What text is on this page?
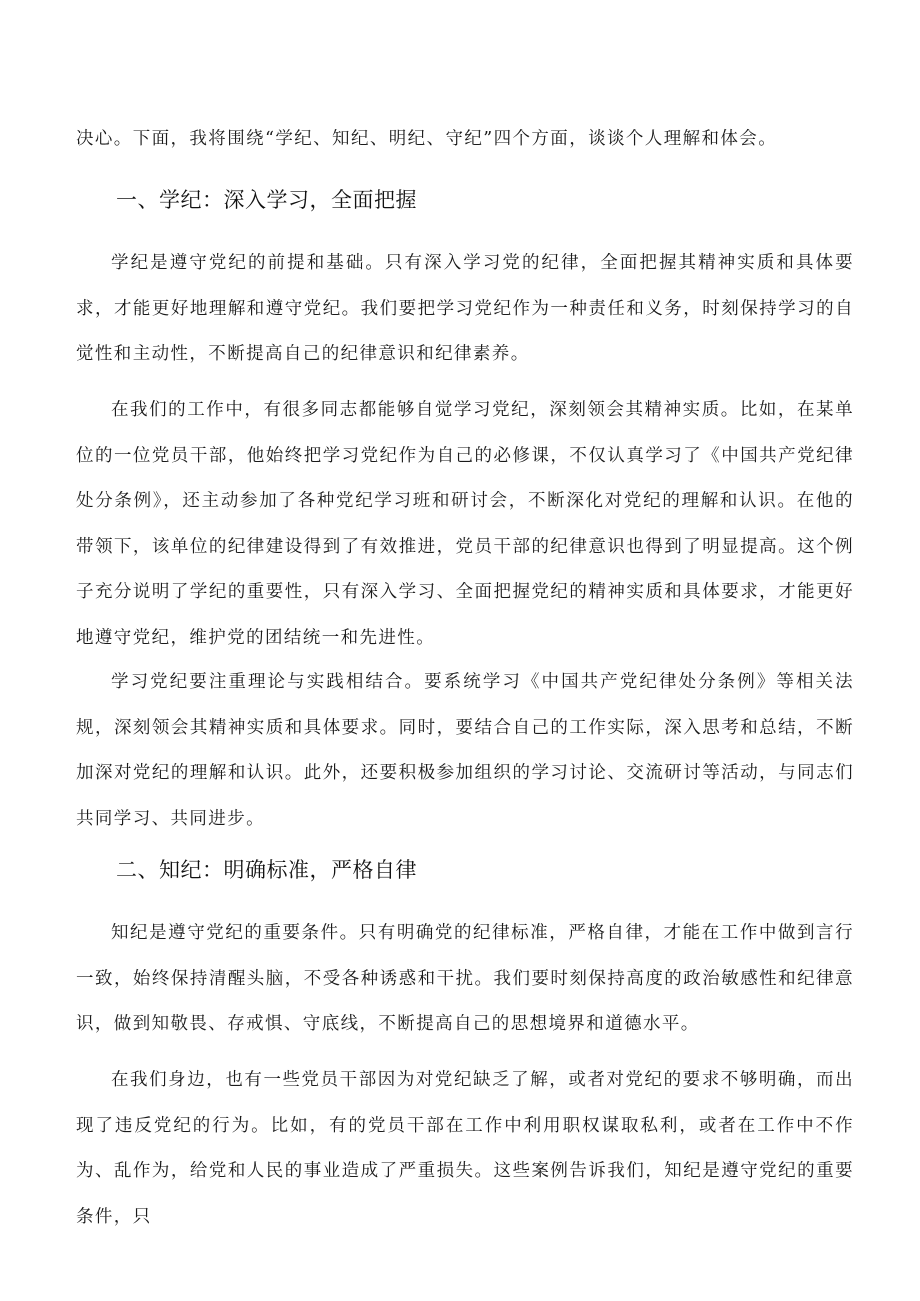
决心。下面，我将围绕“学纪、知纪、明纪、守纪”四个方面，谈谈个人理解和体会。

一、学纪：深入学习，全面把握

学纪是遵守党纪的前提和基础。只有深入学习党的纪律，全面把握其精神实质和具体要求，才能更好地理解和遵守党纪。我们要把学习党纪作为一种责任和义务，时刻保持学习的自觉性和主动性，不断提高自己的纪律意识和纪律素养。

在我们的工作中，有很多同志都能够自觉学习党纪，深刻领会其精神实质。比如，在某单位的一位党员干部，他始终把学习党纪作为自己的必修课，不仅认真学习了《中国共产党纪律处分条例》，还主动参加了各种党纪学习班和研讨会，不断深化对党纪的理解和认识。在他的带领下，该单位的纪律建设得到了有效推进，党员干部的纪律意识也得到了明显提高。这个例子充分说明了学纪的重要性，只有深入学习、全面把握党纪的精神实质和具体要求，才能更好地遵守党纪，维护党的团结统一和先进性。

学习党纪要注重理论与实践相结合。要系统学习《中国共产党纪律处分条例》等相关法规，深刻领会其精神实质和具体要求。同时，要结合自己的工作实际，深入思考和总结，不断加深对党纪的理解和认识。此外，还要积极参加组织的学习讨论、交流研讨等活动，与同志们共同学习、共同进步。

二、知纪：明确标准，严格自律

知纪是遵守党纪的重要条件。只有明确党的纪律标准，严格自律，才能在工作中做到言行一致，始终保持清醒头脑，不受各种诱惑和干扰。我们要时刻保持高度的政治敏感性和纪律意识，做到知敬畏、存戒惧、守底线，不断提高自己的思想境界和道德水平。

在我们身边，也有一些党员干部因为对党纪缺乏了解，或者对党纪的要求不够明确，而出现了违反党纪的行为。比如，有的党员干部在工作中利用职权谋取私利，或者在工作中不作为、乱作为，给党和人民的事业造成了严重损失。这些案例告诉我们，知纪是遵守党纪的重要条件，只
